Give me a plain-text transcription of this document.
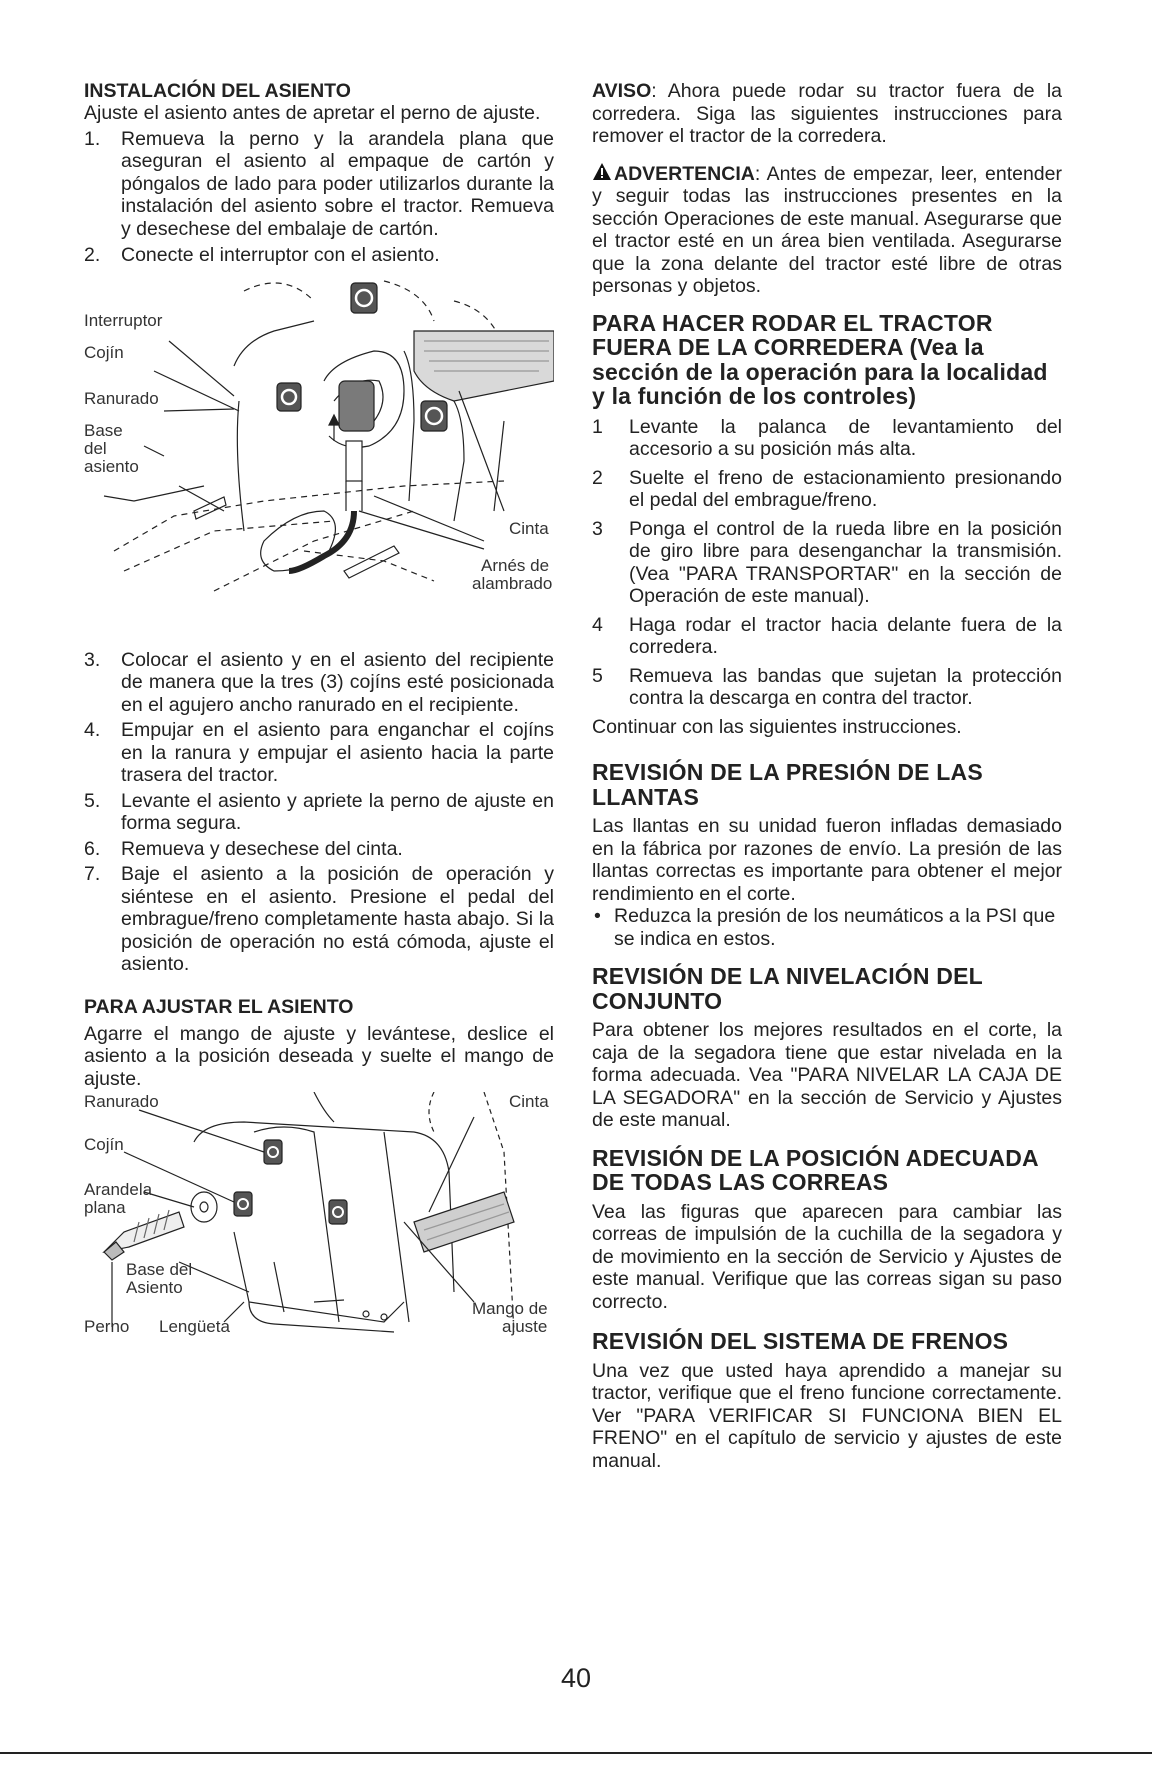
INSTALACIÓN DEL ASIENTO

Ajuste el asiento antes de apretar el perno de ajuste.

1. Remueva la perno y la arandela plana que aseguran el asiento al empaque de cartón y póngalos de lado para poder utilizarlos durante la instalación del asiento sobre el tractor. Remueva y desechese del embalaje de cartón.
2. Conecte el interruptor con el asiento.
Interruptor
Cojín
Ranurado
Base
del
asiento
Cinta
Arnés de
alambrado
3. Colocar el asiento y en el asiento del recipiente de manera que la tres (3) cojíns esté posicionada en el agujero ancho ranurado en el recipiente.
4. Empujar en el asiento para enganchar el cojíns en la ranura y empujar el asiento hacia la parte trasera del tractor.
5. Levante el asiento y apriete la perno de ajuste en forma segura.
6. Remueva y desechese del cinta.
7. Baje el asiento a la posición de operación y siéntese en el asiento. Presione el pedal del embrague/freno completamente hasta abajo. Si la posición de operación no está cómoda, ajuste el asiento.
PARA AJUSTAR EL ASIENTO

Agarre el mango de ajuste y levántese, deslice el asiento a la posición deseada y suelte el mango de ajuste.

Ranurado	Cinta
Cojín
Arandela
plana
Base del
Asiento
Mango de
ajuste
Perno Lengüeta

AVISO: Ahora puede rodar su tractor fuera de la corredera. Siga las siguientes instrucciones para remover el tractor de la corredera.

ADVERTENCIA: Antes de empezar, leer, entender y seguir todas las instrucciones presentes en la sección Operaciones de este manual. Asegurarse que el tractor esté en un área bien ventilada. Asegurarse que la zona delante del tractor esté libre de otras personas y objetos.

PARA HACER RODAR EL TRACTOR FUERA DE LA CORREDERA (Vea la sección de la operación para la localidad y la función de los controles)
1 Levante la palanca de levantamiento del accesorio a su posición más alta.
2 Suelte el freno de estacionamiento presionando el pedal del embrague/freno.
3 Ponga el control de la rueda libre en la posición de giro libre para desenganchar la transmisión. (Vea "PARA TRANSPORTAR" en la sección de Operación de este manual).
4 Haga rodar el tractor hacia delante fuera de la corredera.
5 Remueva las bandas que sujetan la protección contra la descarga en contra del tractor.

Continuar con las siguientes instrucciones.

REVISIÓN DE LA PRESIÓN DE LAS LLANTAS

Las llantas en su unidad fueron infladas demasiado en la fábrica por razones de envío. La presión de las llantas correctas es importante para obtener el mejor rendimiento en el corte.

• Reduzca la presión de los neumáticos a la PSI que se indica en estos.
REVISIÓN DE LA NIVELACIÓN DEL CONJUNTO

Para obtener los mejores resultados en el corte, la caja de la segadora tiene que estar nivelada en la forma adecuada. Vea "PARA NIVELAR LA CAJA DE LA SEGADORA" en la sección de Servicio y Ajustes de este manual.

REVISIÓN DE LA POSICIÓN ADECUADA DE TODAS LAS CORREAS

Vea las figuras que aparecen para cambiar las correas de impulsión de la cuchilla de la segadora y de movimiento en la sección de Servicio y Ajustes de este manual. Verifique que las correas sigan su paso correcto.

REVISIÓN DEL SISTEMA DE FRENOS

Una vez que usted haya aprendido a manejar su tractor, verifique que el freno funcione correctamente. Ver "PARA VERIFICAR SI FUNCIONA BIEN EL FRENO" en el capítulo de servicio y ajustes de este manual.

40
